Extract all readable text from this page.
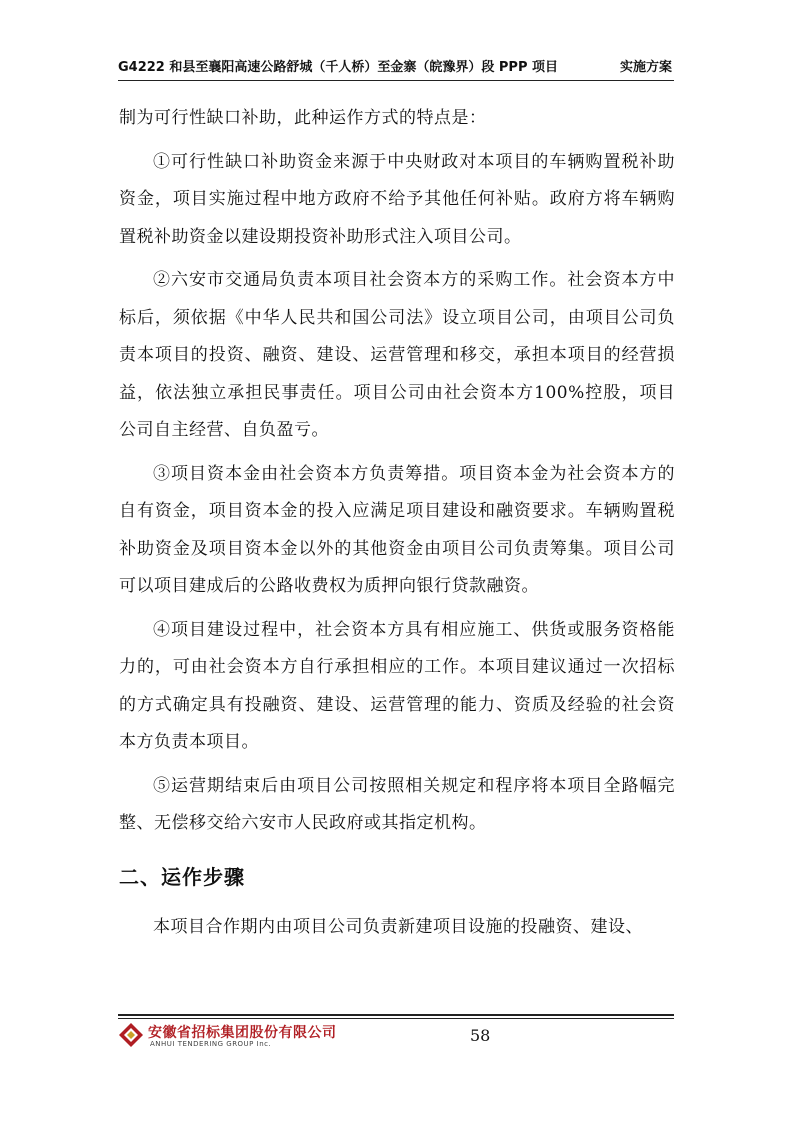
G4222 和县至襄阳高速公路舒城（千人桥）至金寨（皖豫界）段 PPP 项目	实施方案

制为可行性缺口补助，此种运作方式的特点是：

①可行性缺口补助资金来源于中央财政对本项目的车辆购置税补助资金，项目实施过程中地方政府不给予其他任何补贴。政府方将车辆购置税补助资金以建设期投资补助形式注入项目公司。

②六安市交通局负责本项目社会资本方的采购工作。社会资本方中标后，须依据《中华人民共和国公司法》设立项目公司，由项目公司负责本项目的投资、融资、建设、运营管理和移交，承担本项目的经营损益，依法独立承担民事责任。项目公司由社会资本方100%控股，项目公司自主经营、自负盈亏。

③项目资本金由社会资本方负责筹措。项目资本金为社会资本方的自有资金，项目资本金的投入应满足项目建设和融资要求。车辆购置税补助资金及项目资本金以外的其他资金由项目公司负责筹集。项目公司可以项目建成后的公路收费权为质押向银行贷款融资。

④项目建设过程中，社会资本方具有相应施工、供货或服务资格能力的，可由社会资本方自行承担相应的工作。本项目建议通过一次招标的方式确定具有投融资、建设、运营管理的能力、资质及经验的社会资本方负责本项目。

⑤运营期结束后由项目公司按照相关规定和程序将本项目全路幅完整、无偿移交给六安市人民政府或其指定机构。

二、运作步骤

本项目合作期内由项目公司负责新建项目设施的投融资、建设、

安徽省招标集团股份有限公司
ANHUI TENDERING GROUP Inc.	58
